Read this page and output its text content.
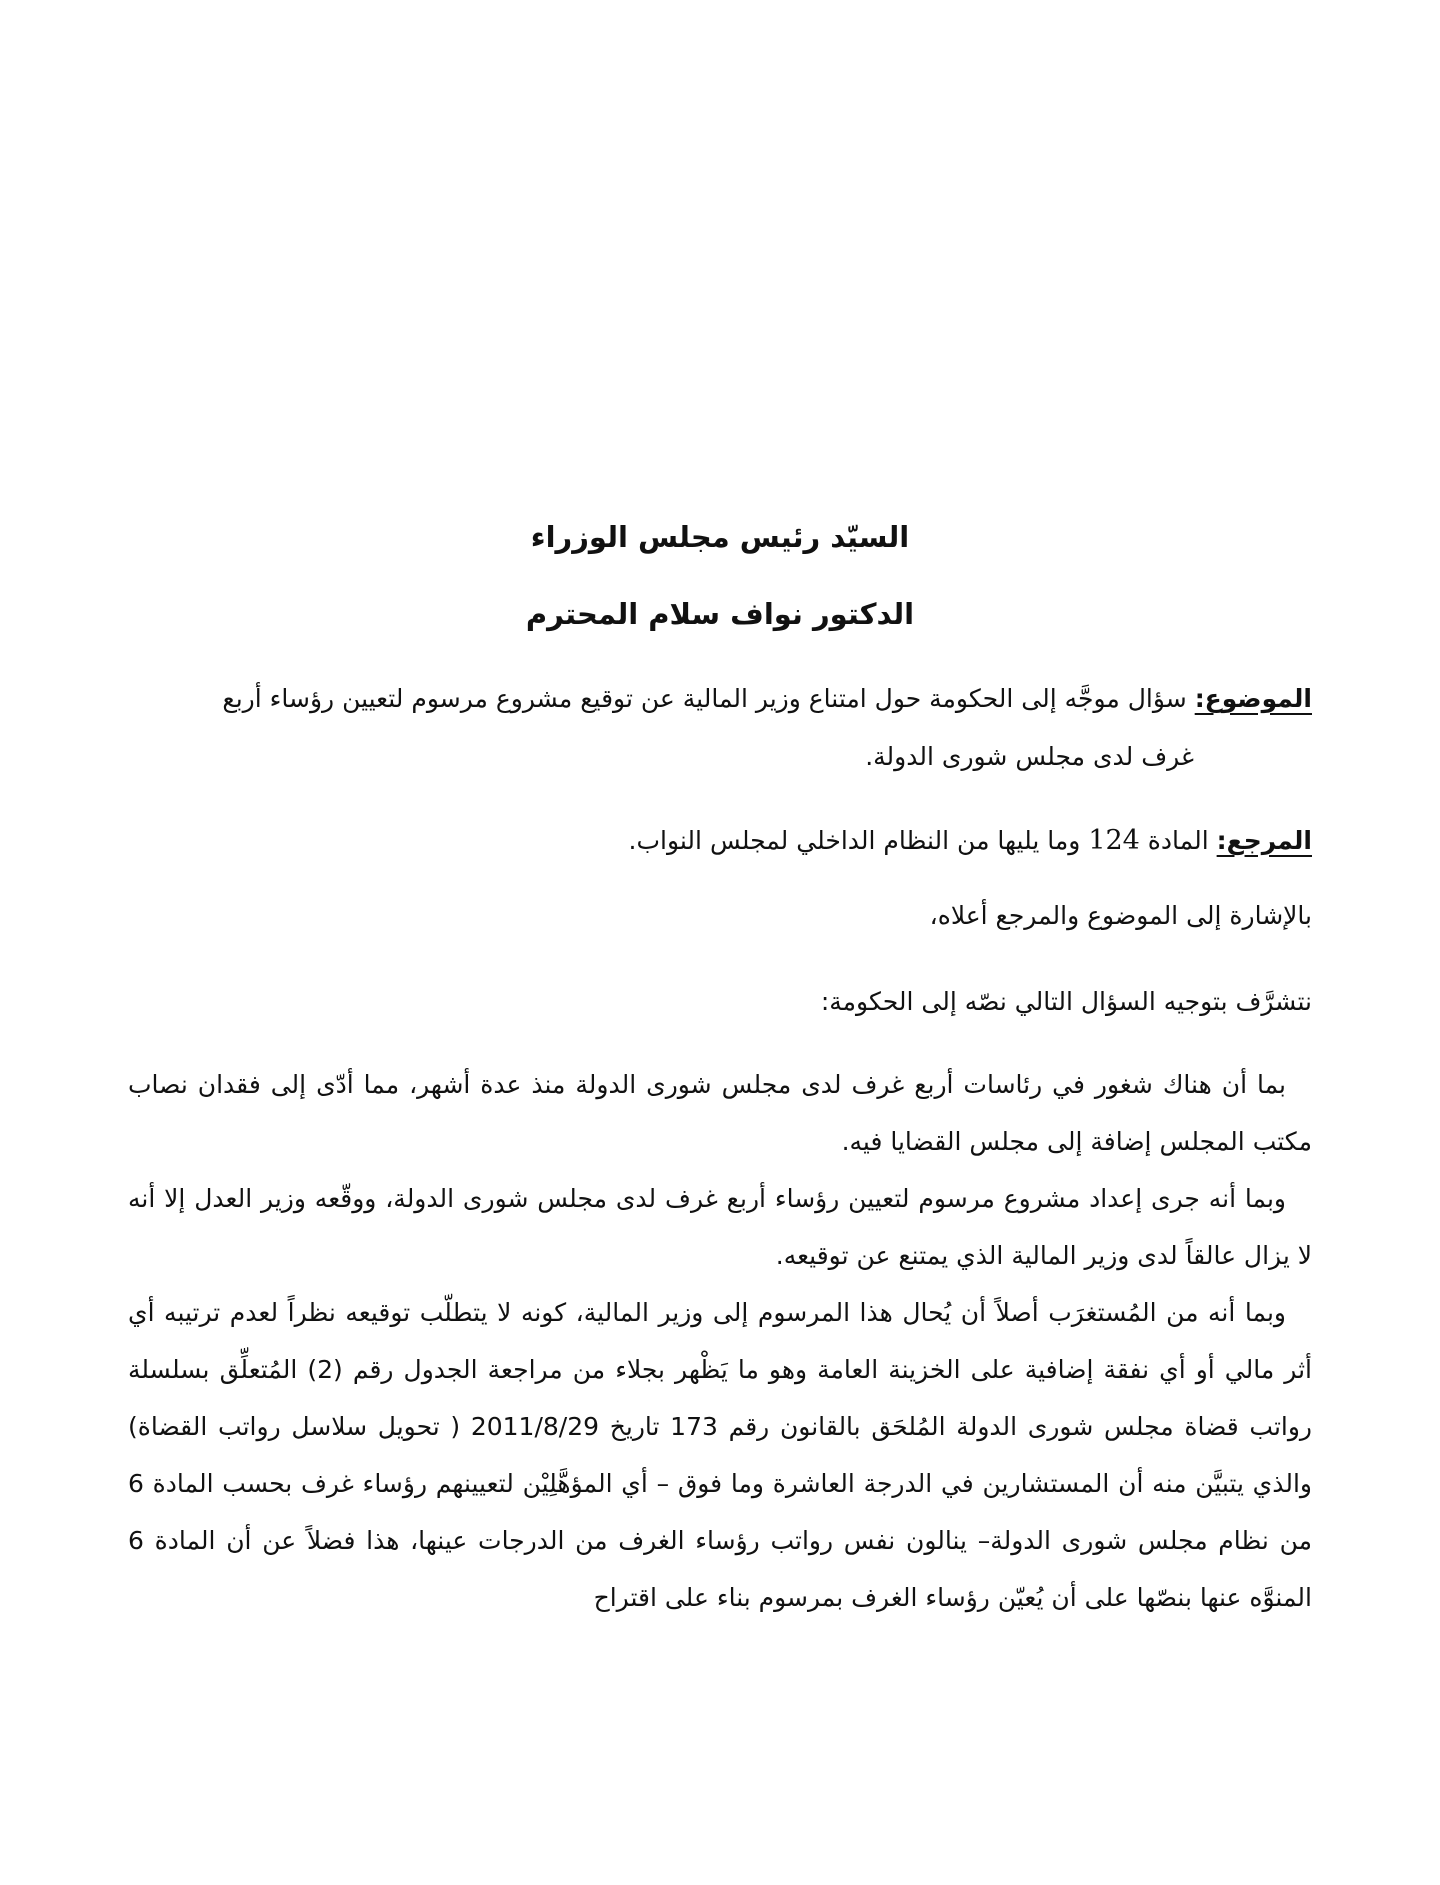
السيّد رئيس مجلس الوزراء

الدكتور نواف سلام المحترم

الموضوع: سؤال موجَّه إلى الحكومة حول امتناع وزير المالية عن توقيع مشروع مرسوم لتعيين رؤساء أربع
غرف لدى مجلس شورى الدولة.

المرجع: المادة 124 وما يليها من النظام الداخلي لمجلس النواب.

بالإشارة إلى الموضوع والمرجع أعلاه،

نتشرَّف بتوجيه السؤال التالي نصّه إلى الحكومة:

بما أن هناك شغور في رئاسات أربع غرف لدى مجلس شورى الدولة منذ عدة أشهر، مما أدّى إلى فقدان نصاب مكتب المجلس إضافة إلى مجلس القضايا فيه.

وبما أنه جرى إعداد مشروع مرسوم لتعيين رؤساء أربع غرف لدى مجلس شورى الدولة، ووقّعه وزير العدل إلا أنه لا يزال عالقاً لدى وزير المالية الذي يمتنع عن توقيعه.

وبما أنه من المُستغرَب أصلاً أن يُحال هذا المرسوم إلى وزير المالية، كونه لا يتطلّب توقيعه نظراً لعدم ترتيبه أي أثر مالي أو أي نفقة إضافية على الخزينة العامة وهو ما يَظْهر بجلاء من مراجعة الجدول رقم (2) المُتعلِّق بسلسلة رواتب قضاة مجلس شورى الدولة المُلحَق بالقانون رقم 173 تاريخ 2011/8/29 ( تحويل سلاسل رواتب القضاة) والذي يتبيَّن منه أن المستشارين في الدرجة العاشرة وما فوق – أي المؤهَّلِيْن لتعيينهم رؤساء غرف بحسب المادة 6 من نظام مجلس شورى الدولة– ينالون نفس رواتب رؤساء الغرف من الدرجات عينها، هذا فضلاً عن أن المادة 6 المنوَّه عنها بنصّها على أن يُعيّن رؤساء الغرف بمرسوم بناء على اقتراح
